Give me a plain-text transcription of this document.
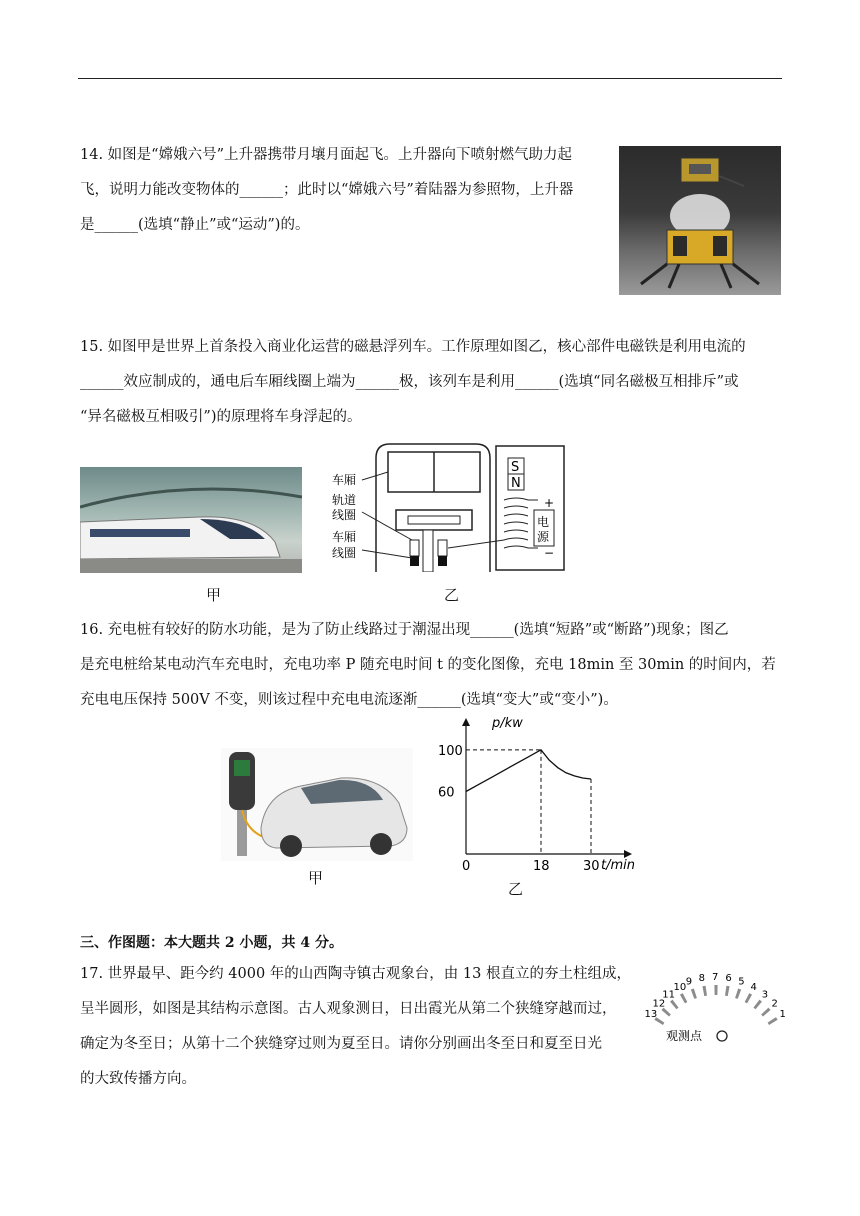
14. 如图是“嫦娥六号”上升器携带月壤月面起飞。上升器向下喷射燃气助力起
飞，说明力能改变物体的______；此时以“嫦娥六号”着陆器为参照物，上升器
是______(选填“静止”或“运动”)的。
15. 如图甲是世界上首条投入商业化运营的磁悬浮列车。工作原理如图乙，核心部件电磁铁是利用电流的
______效应制成的，通电后车厢线圈上端为______极，该列车是利用______(选填“同名磁极互相排斥”或
“异名磁极互相吸引”)的原理将车身浮起的。
车厢
轨道
线圈
车厢
线圈
S
N
电
源
+
−
甲	乙
16. 充电桩有较好的防水功能，是为了防止线路过于潮湿出现______(选填“短路”或“断路”)现象；图乙
是充电桩给某电动汽车充电时，充电功率 P 随充电时间 t 的变化图像，充电 18min 至 30min 的时间内，若
充电电压保持 500V 不变，则该过程中充电电流逐渐______(选填“变大”或“变小”)。
60
100
0	18	30
p/kw
t/min
甲
乙
三、作图题：本大题共 2 小题，共 4 分。
17. 世界最早、距今约 4000 年的山西陶寺镇古观象台，由 13 根直立的夯土柱组成，
呈半圆形，如图是其结构示意图。古人观象测日，日出霞光从第二个狭缝穿越而过，
确定为冬至日；从第十二个狭缝穿过则为夏至日。请你分别画出冬至日和夏至日光
的大致传播方向。
13
12
11
10 9 8 7 6 5 4
3
2
1
观测点
